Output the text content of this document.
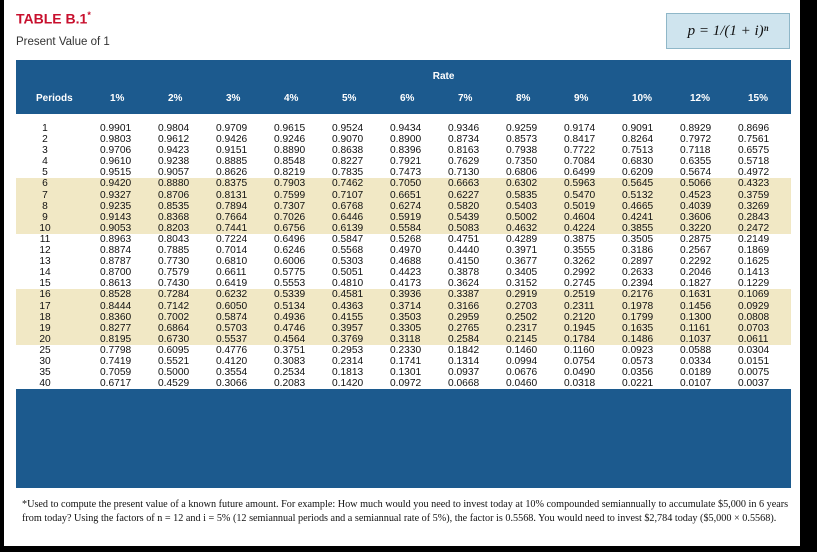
TABLE B.1*
Present Value of 1
p = 1/(1 + i)ⁿ
	Rate											
Periods	1%	2%	3%	4%	5%	6%	7%	8%	9%	10%	12%	15%
1	0.9901	0.9804	0.9709	0.9615	0.9524	0.9434	0.9346	0.9259	0.9174	0.9091	0.8929	0.8696
2	0.9803	0.9612	0.9426	0.9246	0.9070	0.8900	0.8734	0.8573	0.8417	0.8264	0.7972	0.7561
3	0.9706	0.9423	0.9151	0.8890	0.8638	0.8396	0.8163	0.7938	0.7722	0.7513	0.7118	0.6575
4	0.9610	0.9238	0.8885	0.8548	0.8227	0.7921	0.7629	0.7350	0.7084	0.6830	0.6355	0.5718
5	0.9515	0.9057	0.8626	0.8219	0.7835	0.7473	0.7130	0.6806	0.6499	0.6209	0.5674	0.4972
6	0.9420	0.8880	0.8375	0.7903	0.7462	0.7050	0.6663	0.6302	0.5963	0.5645	0.5066	0.4323
7	0.9327	0.8706	0.8131	0.7599	0.7107	0.6651	0.6227	0.5835	0.5470	0.5132	0.4523	0.3759
8	0.9235	0.8535	0.7894	0.7307	0.6768	0.6274	0.5820	0.5403	0.5019	0.4665	0.4039	0.3269
9	0.9143	0.8368	0.7664	0.7026	0.6446	0.5919	0.5439	0.5002	0.4604	0.4241	0.3606	0.2843
10	0.9053	0.8203	0.7441	0.6756	0.6139	0.5584	0.5083	0.4632	0.4224	0.3855	0.3220	0.2472
11	0.8963	0.8043	0.7224	0.6496	0.5847	0.5268	0.4751	0.4289	0.3875	0.3505	0.2875	0.2149
12	0.8874	0.7885	0.7014	0.6246	0.5568	0.4970	0.4440	0.3971	0.3555	0.3186	0.2567	0.1869
13	0.8787	0.7730	0.6810	0.6006	0.5303	0.4688	0.4150	0.3677	0.3262	0.2897	0.2292	0.1625
14	0.8700	0.7579	0.6611	0.5775	0.5051	0.4423	0.3878	0.3405	0.2992	0.2633	0.2046	0.1413
15	0.8613	0.7430	0.6419	0.5553	0.4810	0.4173	0.3624	0.3152	0.2745	0.2394	0.1827	0.1229
16	0.8528	0.7284	0.6232	0.5339	0.4581	0.3936	0.3387	0.2919	0.2519	0.2176	0.1631	0.1069
17	0.8444	0.7142	0.6050	0.5134	0.4363	0.3714	0.3166	0.2703	0.2311	0.1978	0.1456	0.0929
18	0.8360	0.7002	0.5874	0.4936	0.4155	0.3503	0.2959	0.2502	0.2120	0.1799	0.1300	0.0808
19	0.8277	0.6864	0.5703	0.4746	0.3957	0.3305	0.2765	0.2317	0.1945	0.1635	0.1161	0.0703
20	0.8195	0.6730	0.5537	0.4564	0.3769	0.3118	0.2584	0.2145	0.1784	0.1486	0.1037	0.0611
25	0.7798	0.6095	0.4776	0.3751	0.2953	0.2330	0.1842	0.1460	0.1160	0.0923	0.0588	0.0304
30	0.7419	0.5521	0.4120	0.3083	0.2314	0.1741	0.1314	0.0994	0.0754	0.0573	0.0334	0.0151
35	0.7059	0.5000	0.3554	0.2534	0.1813	0.1301	0.0937	0.0676	0.0490	0.0356	0.0189	0.0075
40	0.6717	0.4529	0.3066	0.2083	0.1420	0.0972	0.0668	0.0460	0.0318	0.0221	0.0107	0.0037
*Used to compute the present value of a known future amount. For example: How much would you need to invest today at 10% compounded semiannually to accumulate $5,000 in 6 years from today? Using the factors of n = 12 and i = 5% (12 semiannual periods and a semiannual rate of 5%), the factor is 0.5568. You would need to invest $2,784 today ($5,000 × 0.5568).
